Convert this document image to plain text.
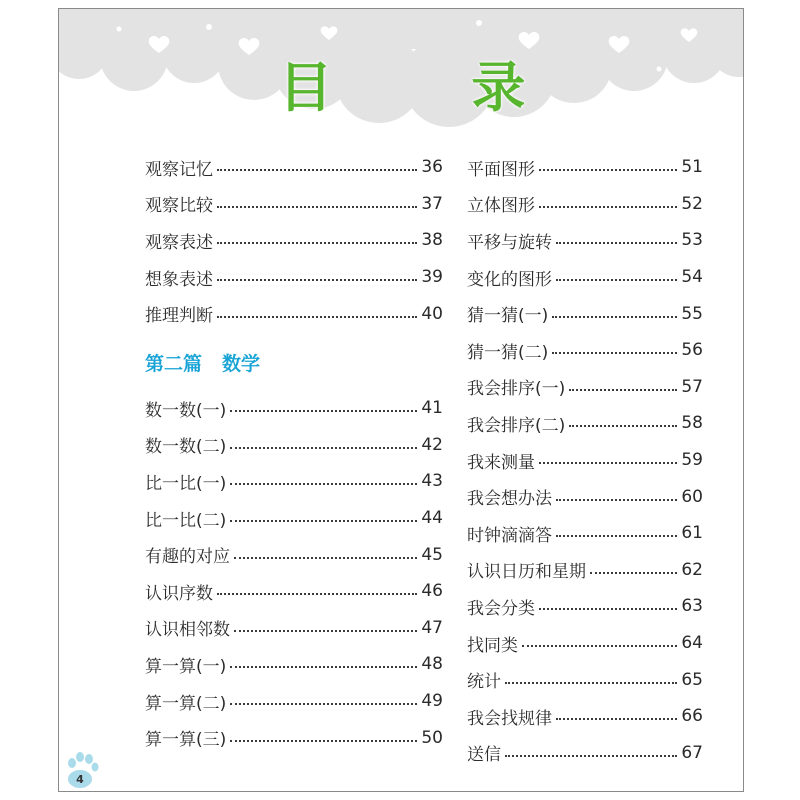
目 录
观察记忆	36
观察比较	37
观察表述	38
想象表述	39
推理判断	40
第二篇 数学
数一数(一)	41
数一数(二)	42
比一比(一)	43
比一比(二)	44
有趣的对应	45
认识序数	46
认识相邻数	47
算一算(一)	48
算一算(二)	49
算一算(三)	50
平面图形	51
立体图形	52
平移与旋转	53
变化的图形	54
猜一猜(一)	55
猜一猜(二)	56
我会排序(一)	57
我会排序(二)	58
我来测量	59
我会想办法	60
时钟滴滴答	61
认识日历和星期	62
我会分类	63
找同类	64
统计	65
我会找规律	66
送信	67
4
